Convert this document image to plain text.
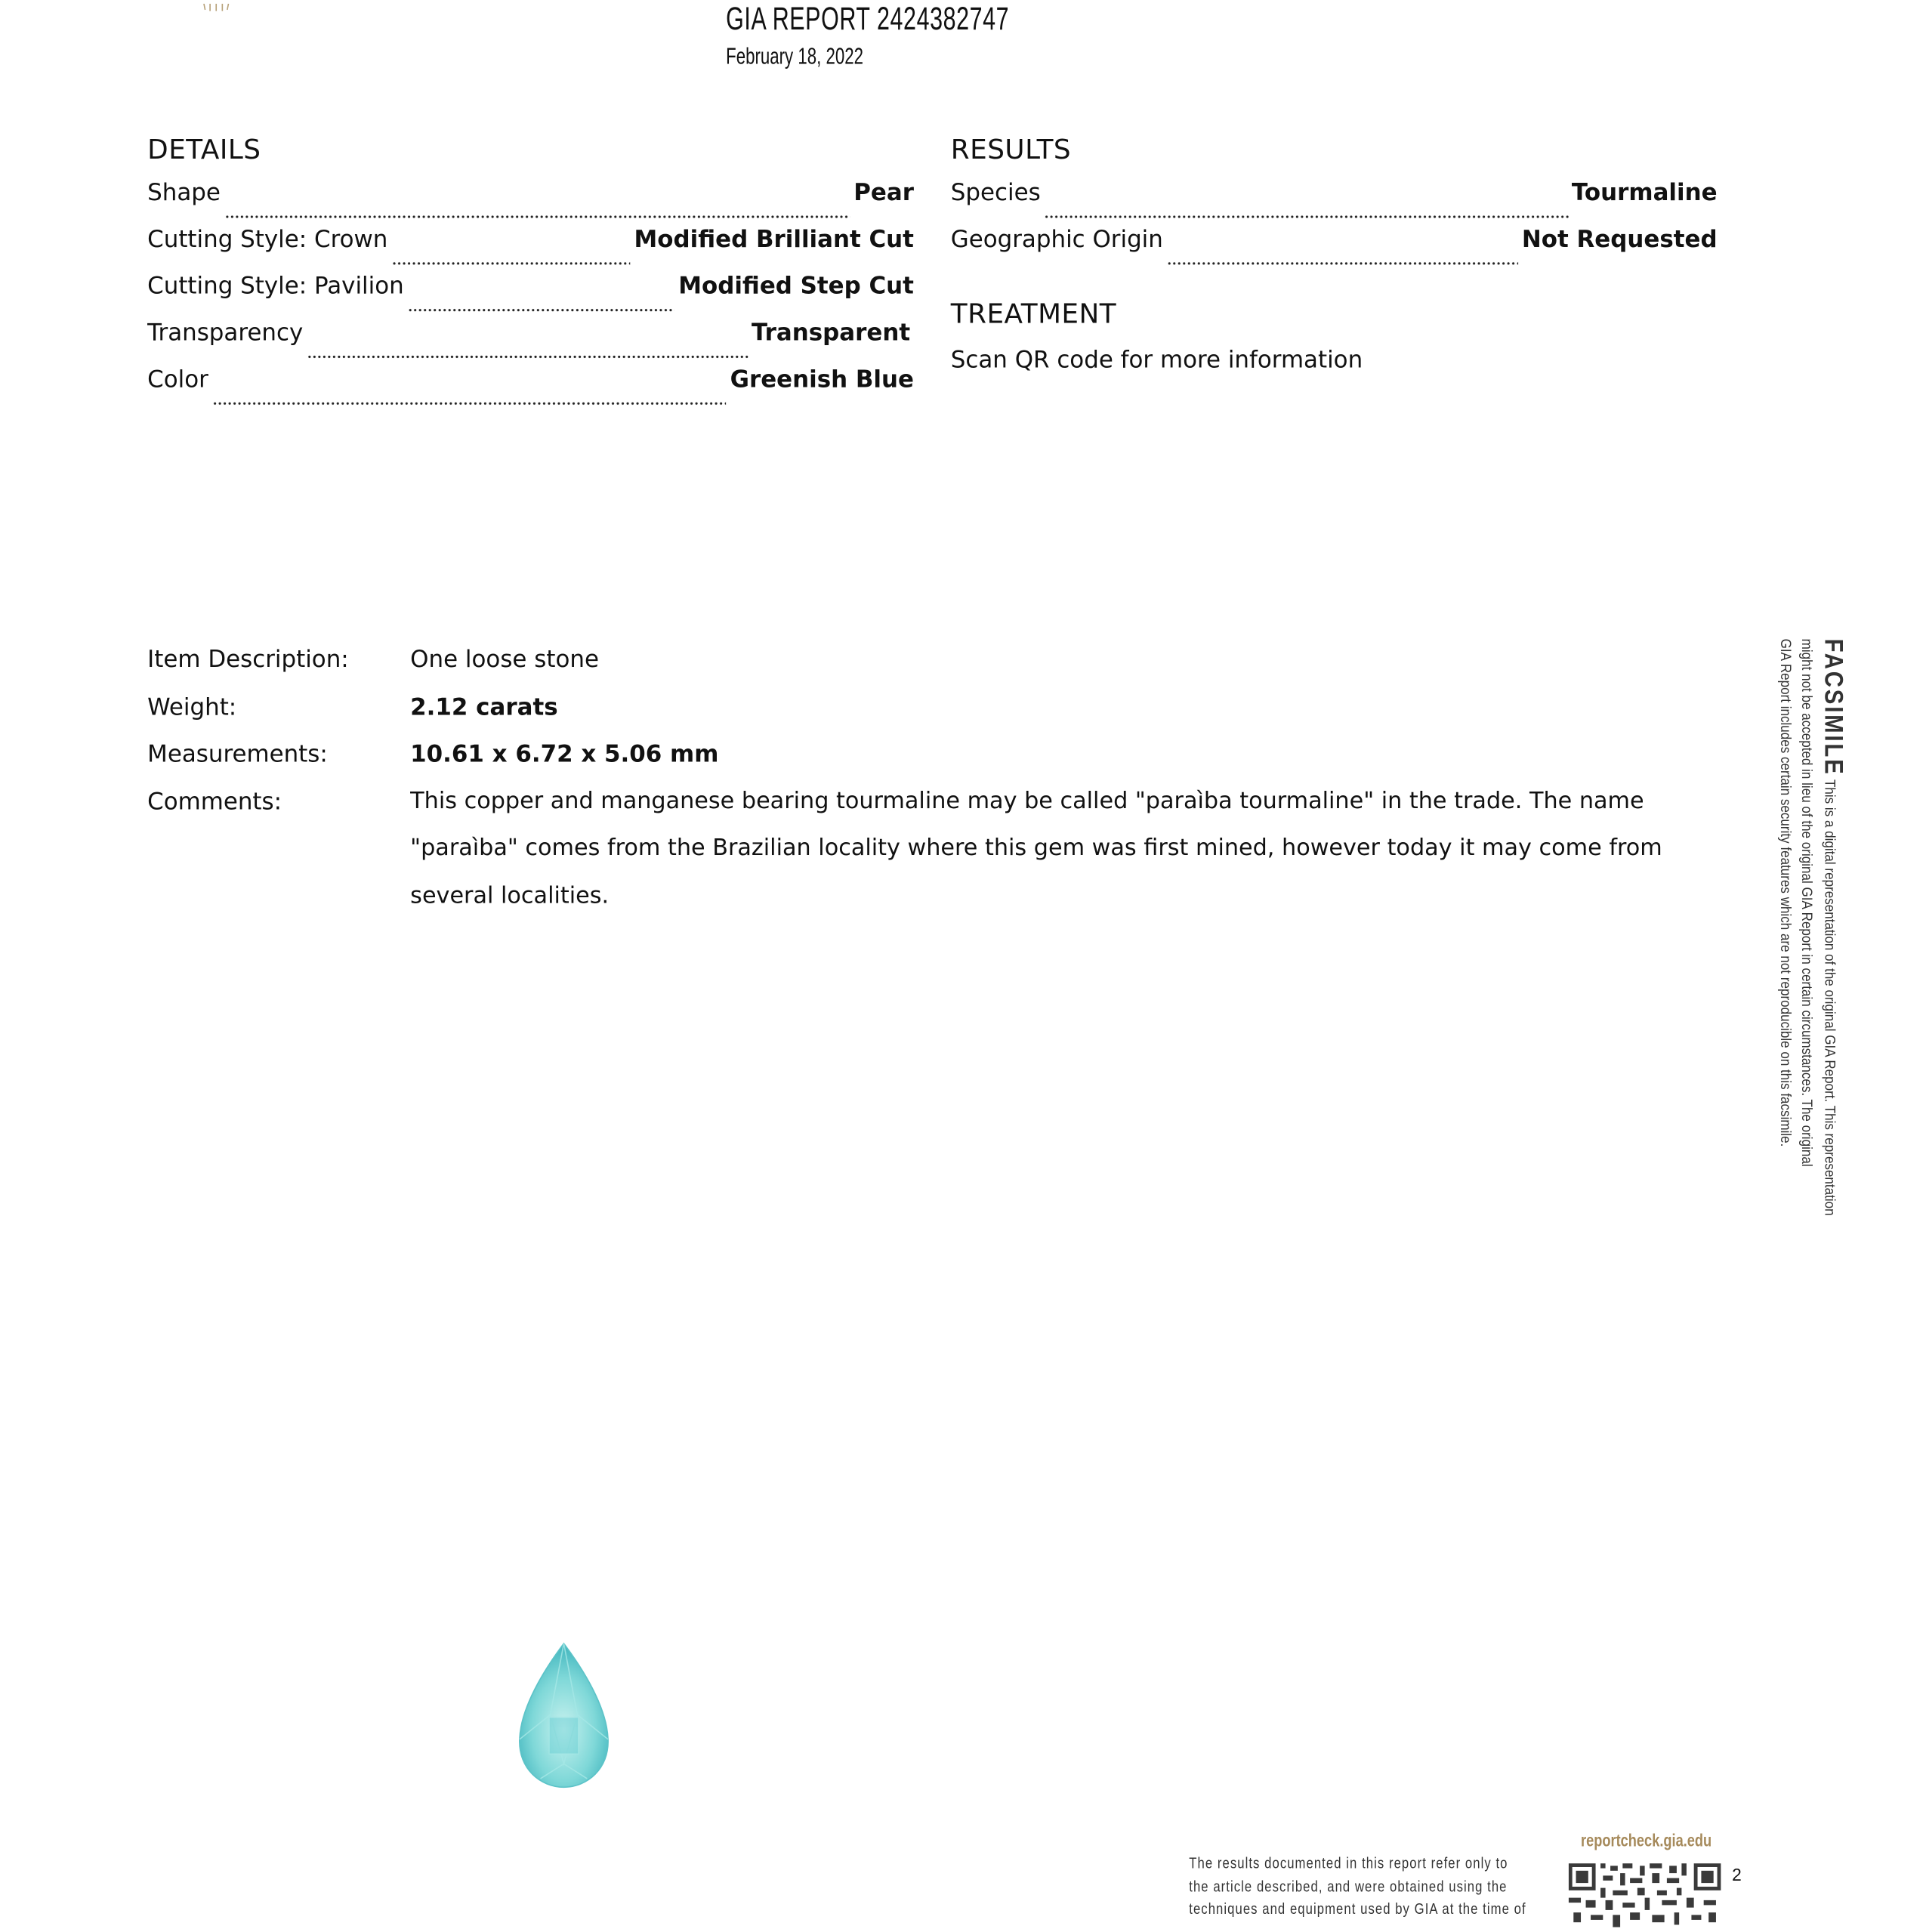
GIA REPORT 2424382747
February 18, 2022
DETAILS
Shape	Pear
Cutting Style: Crown	Modified Brilliant Cut
Cutting Style: Pavilion	Modified Step Cut
Transparency	Transparent
Color	Greenish Blue
RESULTS
Species	Tourmaline
Geographic Origin	Not Requested
TREATMENT
Scan QR code for more information
Item Description:	One loose stone
Weight:	2.12 carats
Measurements:	10.61 x 6.72 x 5.06 mm
Comments:	This copper and manganese bearing tourmaline may be called "paraìba tourmaline" in the trade. The name "paraìba" comes from the Brazilian locality where this gem was first mined, however today it may come from several localities.
FACSIMILE This is a digital representation of the original GIA Report. This representation
might not be accepted in lieu of the original GIA Report in certain circumstances. The original
GIA Report includes certain security features which are not reproducible on this facsimile.
reportcheck.gia.edu
The results documented in this report refer only to
the article described, and were obtained using the
techniques and equipment used by GIA at the time of
2
